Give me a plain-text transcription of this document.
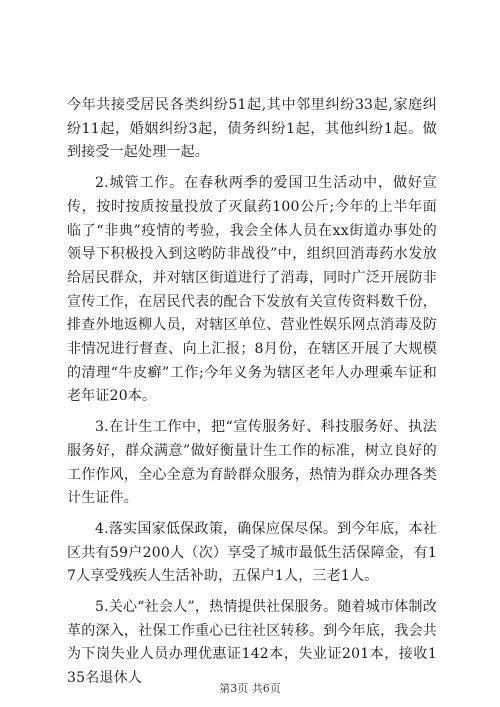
今年共接受居民各类纠纷51起,其中邻里纠纷33起,家庭纠纷11起，婚姻纠纷3起，债务纠纷1起，其他纠纷1起。做到接受一起处理一起。

2.城管工作。在春秋两季的爱国卫生活动中，做好宣传，按时按质按量投放了灭鼠药100公斤;今年的上半年面临了“非典”疫情的考验，我会全体人员在xx街道办事处的领导下积极投入到这哟防非战役”中，组织回消毒药水发放给居民群众，并对辖区街道进行了消毒，同时广泛开展防非宣传工作，在居民代表的配合下发放有关宣传资料数千份，排查外地返柳人员，对辖区单位、营业性娱乐网点消毒及防非情况进行督查、向上汇报；8月份，在辖区开展了大规模的清理“牛皮癣”工作;今年义务为辖区老年人办理乘车证和老年证20本。

3.在计生工作中，把“宣传服务好、科技服务好、执法服务好，群众满意”做好衡量计生工作的标准，树立良好的工作作风，全心全意为育龄群众服务，热情为群众办理各类计生证件。

4.落实国家低保政策，确保应保尽保。到今年底，本社区共有59户200人（次）享受了城市最低生活保障金，有17人享受残疾人生活补助，五保户1人，三老1人。

5.关心“社会人”，热情提供社保服务。随着城市体制改革的深入，社保工作重心已往社区转移。到今年底，我会共为下岗失业人员办理优惠证142本，失业证201本，接收135名退休人

第3页 共6页
